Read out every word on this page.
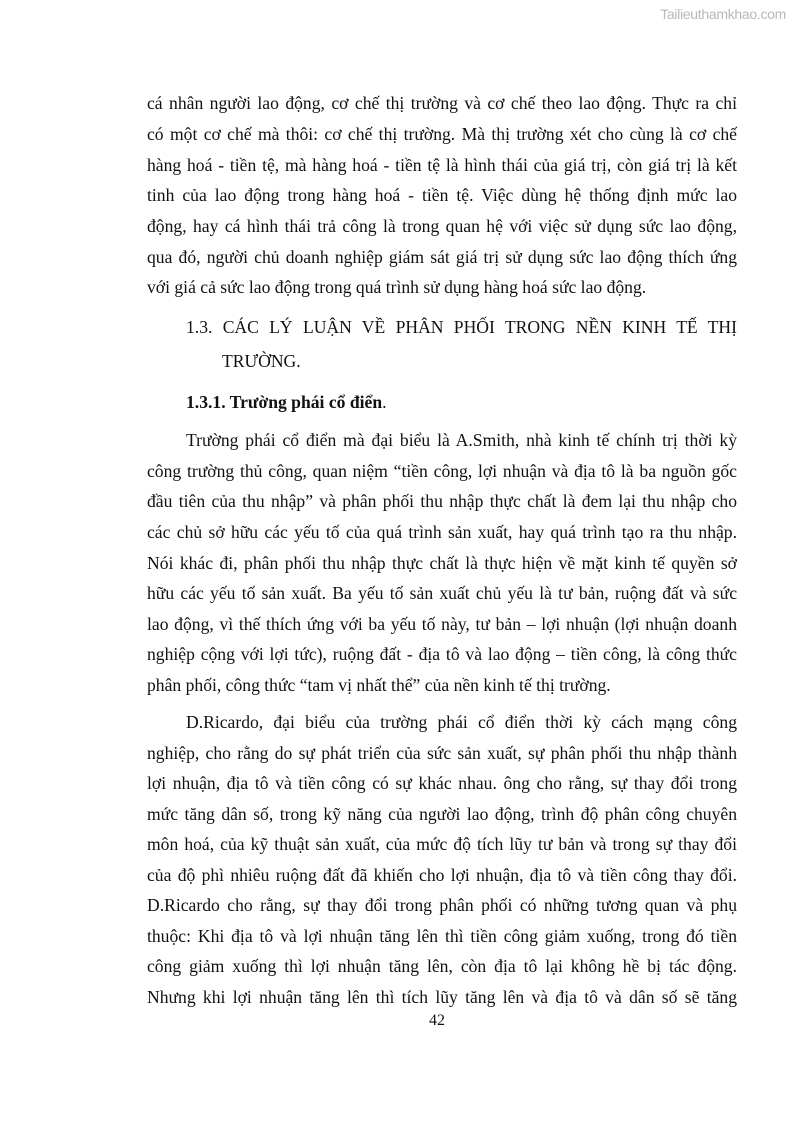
Tailieuthamkhao.com
cá nhân người lao động, cơ chế thị trường và cơ chế theo lao động. Thực ra chỉ
có một cơ chế mà thôi: cơ chế thị trường. Mà thị trường xét cho cùng là cơ chế
hàng hoá - tiền tệ, mà hàng hoá - tiền tệ là hình thái của giá trị, còn giá trị là kết
tinh của lao động trong hàng hoá - tiền tệ. Việc dùng hệ thống định mức lao
động, hay cá hình thái trả công là trong quan hệ với việc sử dụng sức lao động,
qua đó, người chủ doanh nghiệp giám sát giá trị sử dụng sức lao động thích ứng
với giá cả sức lao động trong quá trình sử dụng hàng hoá sức lao động.
1.3. CÁC LÝ LUẬN VỀ PHÂN PHỐI TRONG NỀN KINH TẾ THỊ
TRƯỜNG.
1.3.1. Trường phái cổ điển.
Trường phái cổ điển mà đại biểu là A.Smith, nhà kinh tế chính trị thời kỳ
công trường thủ công, quan niệm “tiền công, lợi nhuận và địa tô là ba nguồn gốc
đầu tiên của thu nhập” và phân phối thu nhập thực chất là đem lại thu nhập cho
các chủ sở hữu các yếu tố của quá trình sản xuất, hay quá trình tạo ra thu nhập.
Nói khác đi, phân phối thu nhập thực chất là thực hiện về mặt kinh tế quyền sở
hữu các yếu tố sản xuất. Ba yếu tố sản xuất chủ yếu là tư bản, ruộng đất và sức
lao động, vì thế thích ứng với ba yếu tố này, tư bản – lợi nhuận (lợi nhuận doanh
nghiệp cộng với lợi tức), ruộng đất - địa tô và lao động – tiền công, là công thức
phân phối, công thức “tam vị nhất thể” của nền kinh tế thị trường.
D.Ricardo, đại biểu của trường phái cổ điển thời kỳ cách mạng công
nghiệp, cho rằng do sự phát triển của sức sản xuất, sự phân phối thu nhập thành
lợi nhuận, địa tô và tiền công có sự khác nhau. ông cho rằng, sự thay đổi trong
mức tăng dân số, trong kỹ năng của người lao động, trình độ phân công chuyên
môn hoá, của kỹ thuật sản xuất, của mức độ tích lũy tư bản và trong sự thay đổi
của độ phì nhiêu ruộng đất đã khiến cho lợi nhuận, địa tô và tiền công thay đổi.
D.Ricardo cho rằng, sự thay đổi trong phân phối có những tương quan và phụ
thuộc: Khi địa tô và lợi nhuận tăng lên thì tiền công giảm xuống, trong đó tiền
công giảm xuống thì lợi nhuận tăng lên, còn địa tô lại không hề bị tác động.
Nhưng khi lợi nhuận tăng lên thì tích lũy tăng lên và địa tô và dân số sẽ tăng
42
